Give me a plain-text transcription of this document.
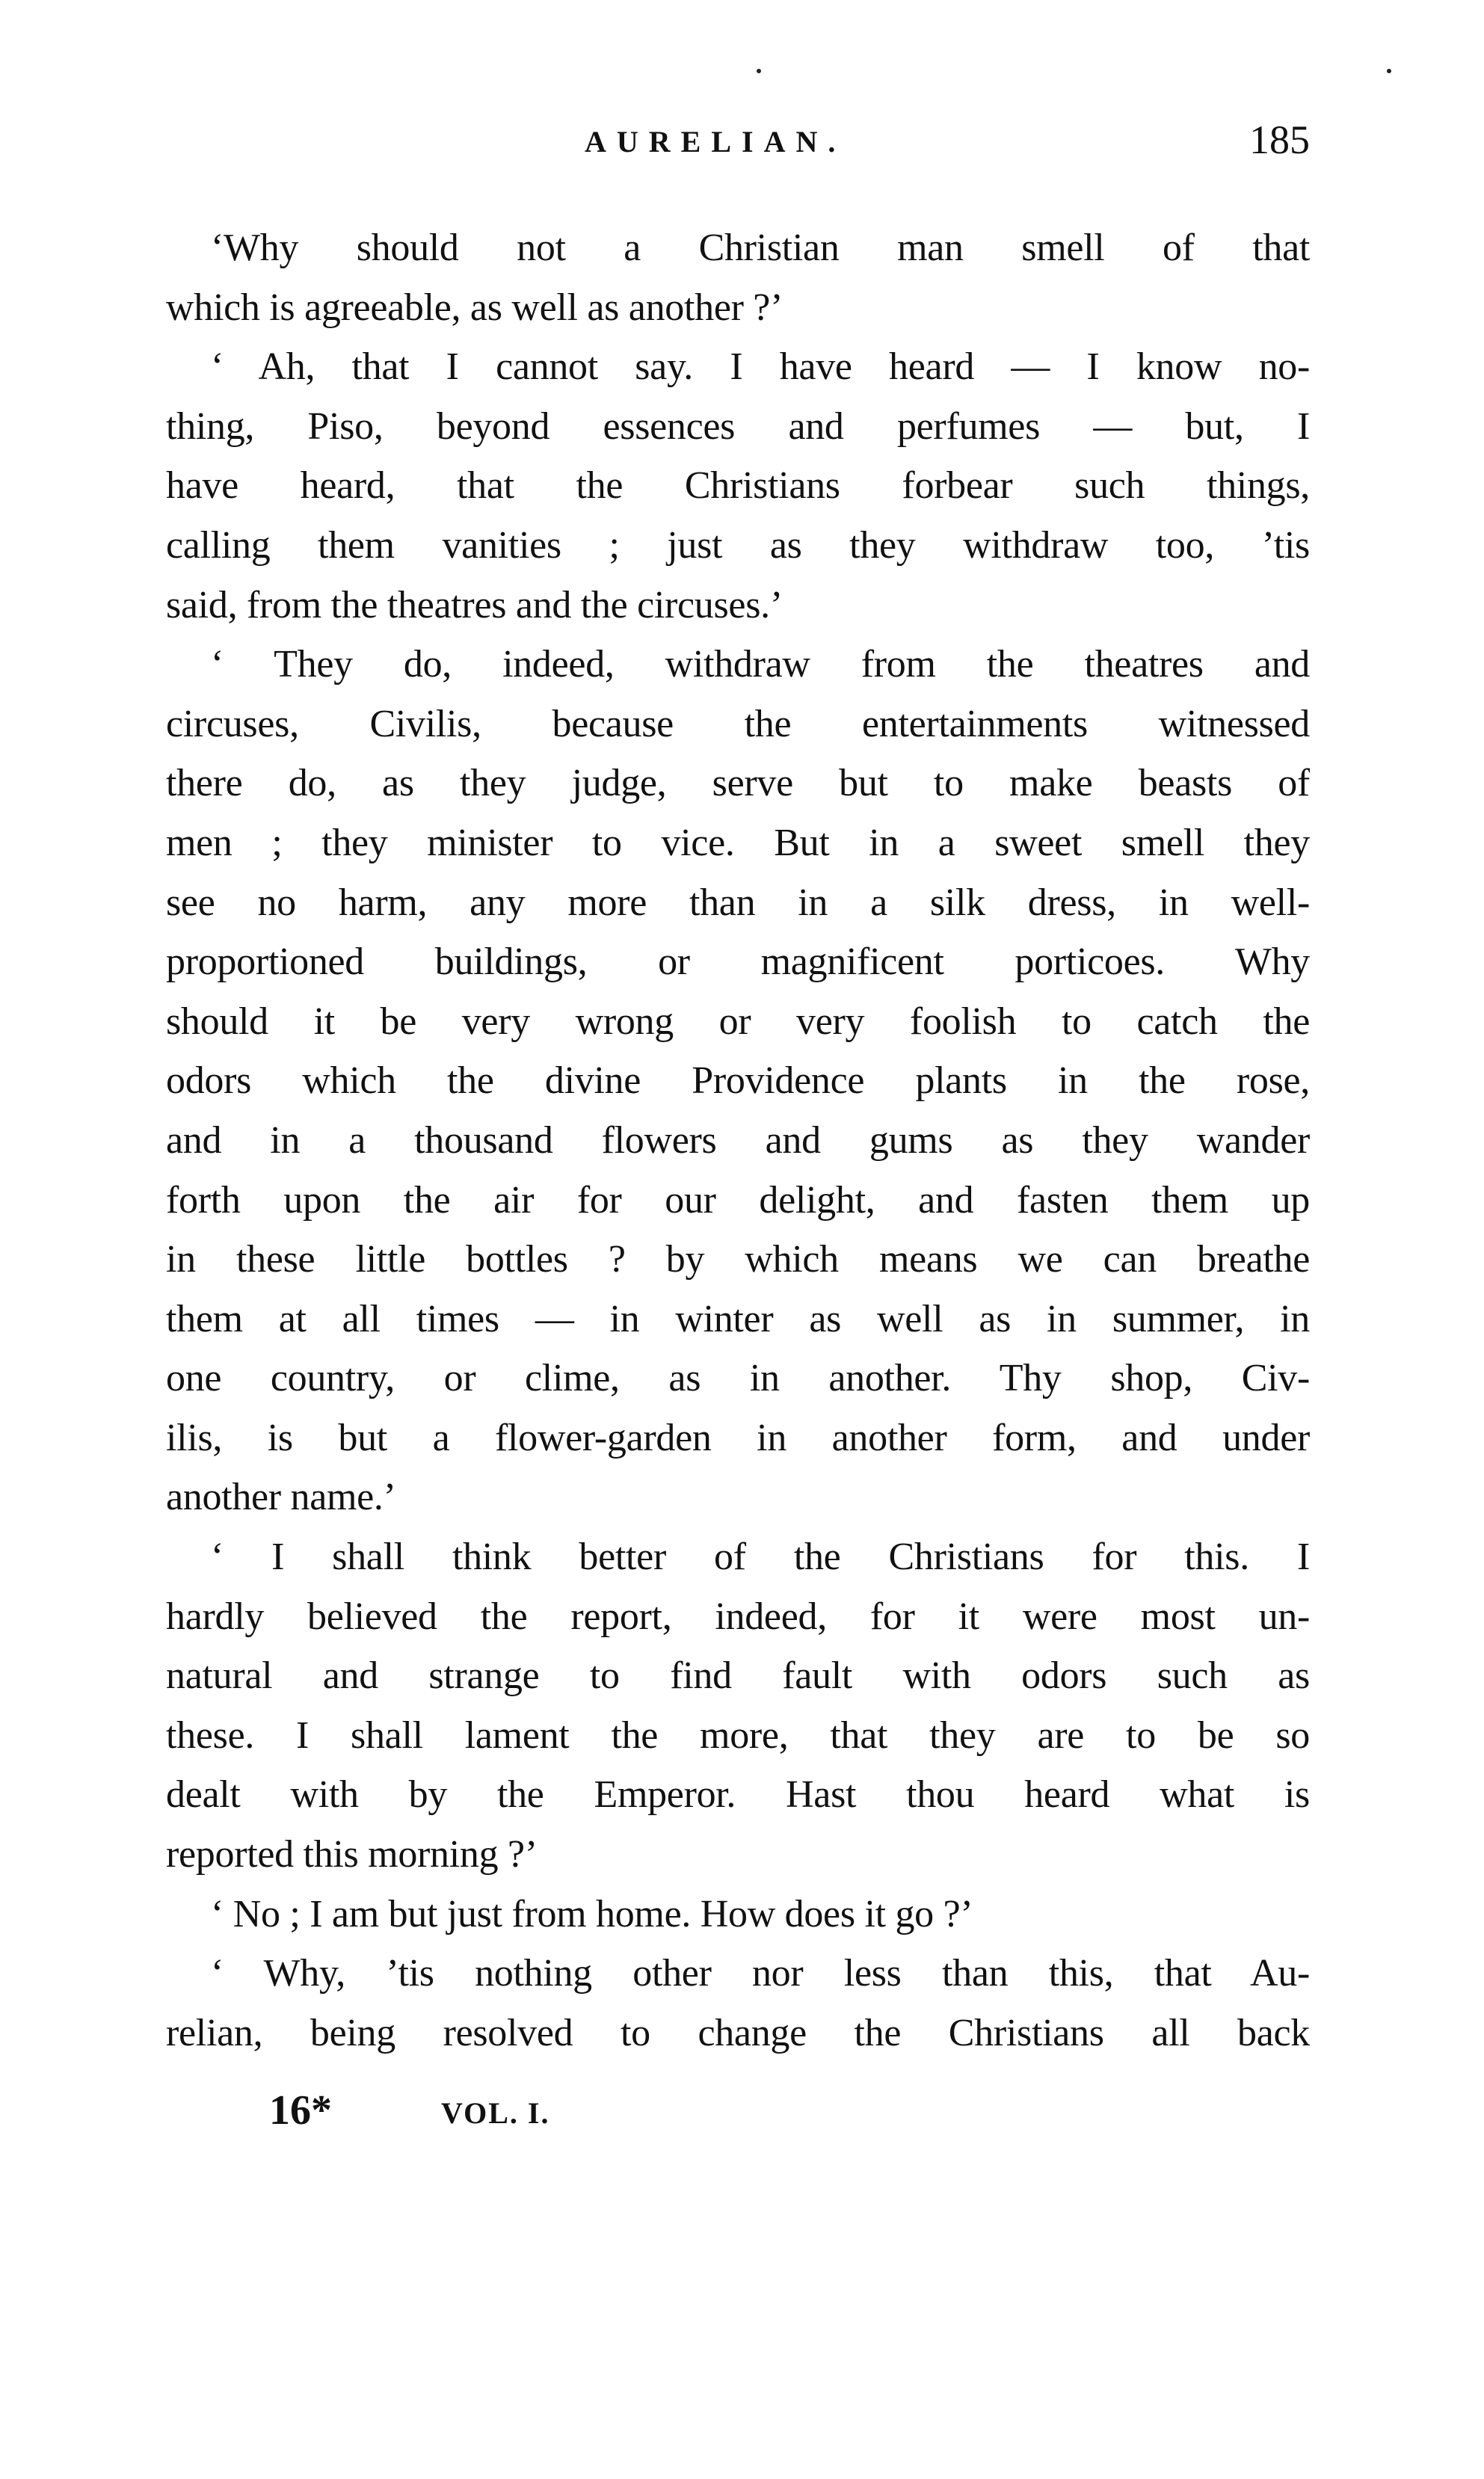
AURELIAN.	185
‘Why should not a Christian man smell of that
which is agreeable, as well as another ?’
‘ Ah, that I cannot say. I have heard — I know no-
thing, Piso, beyond essences and perfumes — but, I
have heard, that the Christians forbear such things,
calling them vanities ; just as they withdraw too, ’tis
said, from the theatres and the circuses.’
‘ They do, indeed, withdraw from the theatres and
circuses, Civilis, because the entertainments witnessed
there do, as they judge, serve but to make beasts of
men ; they minister to vice. But in a sweet smell they
see no harm, any more than in a silk dress, in well-
proportioned buildings, or magnificent porticoes. Why
should it be very wrong or very foolish to catch the
odors which the divine Providence plants in the rose,
and in a thousand flowers and gums as they wander
forth upon the air for our delight, and fasten them up
in these little bottles ? by which means we can breathe
them at all times — in winter as well as in summer, in
one country, or clime, as in another. Thy shop, Civ-
ilis, is but a flower-garden in another form, and under
another name.’
‘ I shall think better of the Christians for this. I
hardly believed the report, indeed, for it were most un-
natural and strange to find fault with odors such as
these. I shall lament the more, that they are to be so
dealt with by the Emperor. Hast thou heard what is
reported this morning ?’
‘ No ; I am but just from home. How does it go ?’
‘ Why, ’tis nothing other nor less than this, that Au-
relian, being resolved to change the Christians all back
16*	VOL. I.
